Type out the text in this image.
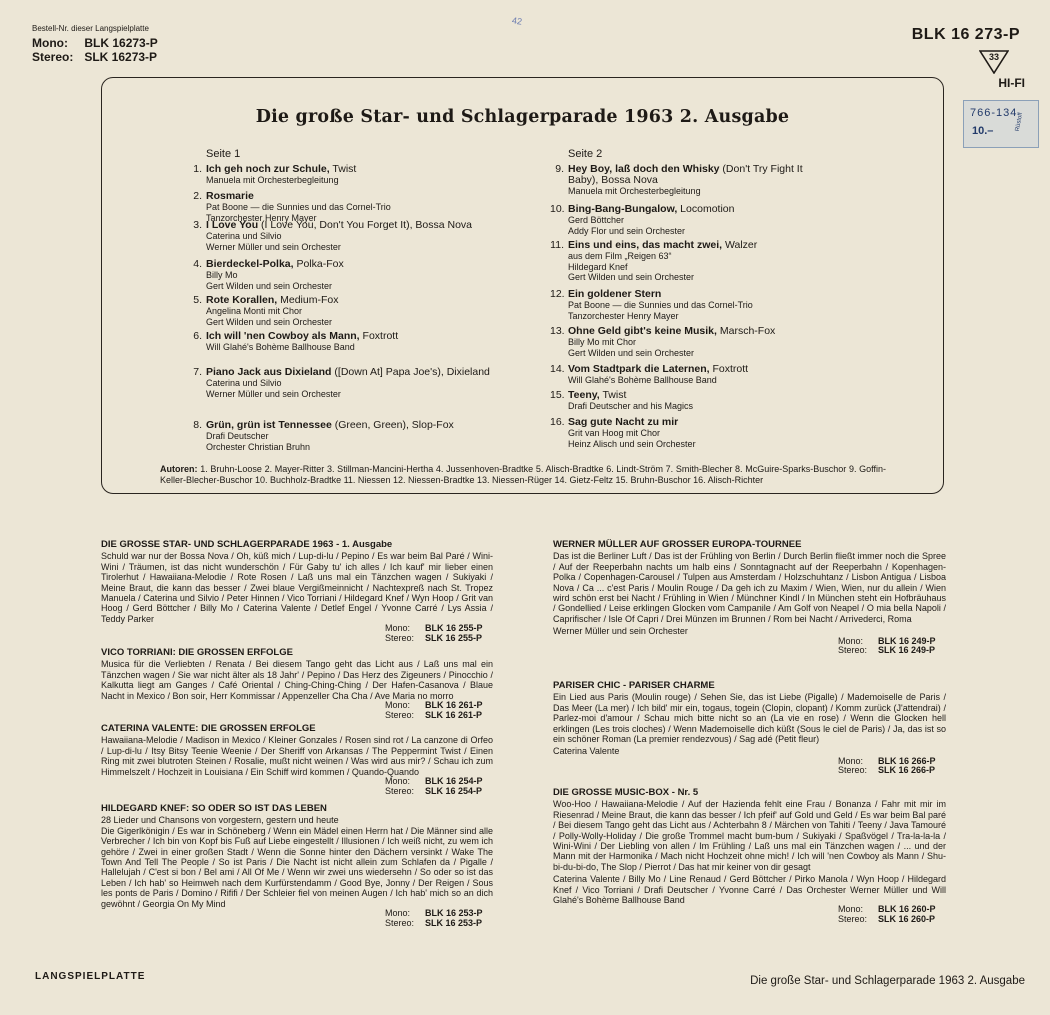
Bestell-Nr. dieser Langspielplatte
Mono: BLK 16273-P
Stereo: SLK 16273-P
42
BLK 16 273-P
33
HI-FI
766-134
10.–	Rüstoff
Die große Star- und Schlagerparade 1963 2. Ausgabe
Seite 1	Seite 2
1. Ich geh noch zur Schule, Twist
Manuela mit Orchesterbegleitung
2. Rosmarie
Pat Boone — die Sunnies und das Cornel-Trio
Tanzorchester Henry Mayer
3. I Love You (I Love You, Don't You Forget It), Bossa Nova
Caterina und Silvio
Werner Müller und sein Orchester
4. Bierdeckel-Polka, Polka-Fox
Billy Mo
Gert Wilden und sein Orchester
5. Rote Korallen, Medium-Fox
Angelina Monti mit Chor
Gert Wilden und sein Orchester
6. Ich will 'nen Cowboy als Mann, Foxtrott
Will Glahé's Bohème Ballhouse Band
7. Piano Jack aus Dixieland ([Down At] Papa Joe's), Dixieland
Caterina und Silvio
Werner Müller und sein Orchester
8. Grün, grün ist Tennessee (Green, Green), Slop-Fox
Drafi Deutscher
Orchester Christian Bruhn
9. Hey Boy, laß doch den Whisky (Don't Try Fight It Baby), Bossa Nova
Manuela mit Orchesterbegleitung
10. Bing-Bang-Bungalow, Locomotion
Gerd Böttcher
Addy Flor und sein Orchester
11. Eins und eins, das macht zwei, Walzer
aus dem Film „Reigen 63“
Hildegard Knef
Gert Wilden und sein Orchester
12. Ein goldener Stern
Pat Boone — die Sunnies und das Cornel-Trio
Tanzorchester Henry Mayer
13. Ohne Geld gibt's keine Musik, Marsch-Fox
Billy Mo mit Chor
Gert Wilden und sein Orchester
14. Vom Stadtpark die Laternen, Foxtrott
Will Glahé's Bohème Ballhouse Band
15. Teeny, Twist
Drafi Deutscher and his Magics
16. Sag gute Nacht zu mir
Grit van Hoog mit Chor
Heinz Alisch und sein Orchester
Autoren: 1. Bruhn-Loose 2. Mayer-Ritter 3. Stillman-Mancini-Hertha 4. Jussenhoven-Bradtke 5. Alisch-Bradtke 6. Lindt-Ström 7. Smith-Blecher 8. McGuire-Sparks-Buschor 9. Goffin-Keller-Blecher-Buschor 10. Buchholz-Bradtke 11. Niessen 12. Niessen-Bradtke 13. Niessen-Rüger 14. Gietz-Feltz 15. Bruhn-Buschor 16. Alisch-Richter
DIE GROSSE STAR- UND SCHLAGERPARADE 1963 - 1. Ausgabe
Schuld war nur der Bossa Nova / Oh, küß mich / Lup-di-lu / Pepino / Es war beim Bal Paré / Wini-Wini / Träumen, ist das nicht wunderschön / Für Gaby tu' ich alles / Ich kauf' mir lieber einen Tirolerhut / Hawaiiana-Melodie / Rote Rosen / Laß uns mal ein Tänzchen wagen / Sukiyaki / Meine Braut, die kann das besser / Zwei blaue Vergißmeinnicht / Nachtexpreß nach St. Tropez Manuela / Caterina und Silvio / Peter Hinnen / Vico Torriani / Hildegard Knef / Wyn Hoop / Grit van Hoog / Gerd Böttcher / Billy Mo / Caterina Valente / Detlef Engel / Yvonne Carré / Lys Assia / Teddy Parker
Mono:	BLK 16 255-P
Stereo:	SLK 16 255-P
VICO TORRIANI: DIE GROSSEN ERFOLGE
Musica für die Verliebten / Renata / Bei diesem Tango geht das Licht aus / Laß uns mal ein Tänzchen wagen / Sie war nicht älter als 18 Jahr' / Pepino / Das Herz des Zigeuners / Pinocchio / Kalkutta liegt am Ganges / Café Oriental / Ching-Ching-Ching / Der Hafen-Casanova / Blaue Nacht in Mexico / Bon soir, Herr Kommissar / Appenzeller Cha Cha / Ave Maria no morro
Mono:	BLK 16 261-P
Stereo:	SLK 16 261-P
CATERINA VALENTE: DIE GROSSEN ERFOLGE
Hawaiiana-Melodie / Madison in Mexico / Kleiner Gonzales / Rosen sind rot / La canzone di Orfeo / Lup-di-lu / Itsy Bitsy Teenie Weenie / Der Sheriff von Arkansas / The Peppermint Twist / Einen Ring mit zwei blutroten Steinen / Rosalie, mußt nicht weinen / Was wird aus mir? / Schau ich zum Himmelszelt / Hochzeit in Louisiana / Ein Schiff wird kommen / Quando-Quando
Mono:	BLK 16 254-P
Stereo:	SLK 16 254-P
HILDEGARD KNEF: SO ODER SO IST DAS LEBEN
28 Lieder und Chansons von vorgestern, gestern und heute
Die Gigerlkönigin / Es war in Schöneberg / Wenn ein Mädel einen Herrn hat / Die Männer sind alle Verbrecher / Ich bin von Kopf bis Fuß auf Liebe eingestellt / Illusionen / Ich weiß nicht, zu wem ich gehöre / Zwei in einer großen Stadt / Wenn die Sonne hinter den Dächern versinkt / Wake The Town And Tell The People / So ist Paris / Die Nacht ist nicht allein zum Schlafen da / Pigalle / Hallelujah / C'est si bon / Bel ami / All Of Me / Wenn wir zwei uns wiedersehn / So oder so ist das Leben / Ich hab' so Heimweh nach dem Kurfürstendamm / Good Bye, Jonny / Der Reigen / Sous les ponts de Paris / Domino / Rififi / Der Schleier fiel von meinen Augen / Ich hab' mich so an dich gewöhnt / Georgia On My Mind
Mono:	BLK 16 253-P
Stereo:	SLK 16 253-P
WERNER MÜLLER AUF GROSSER EUROPA-TOURNEE
Das ist die Berliner Luft / Das ist der Frühling von Berlin / Durch Berlin fließt immer noch die Spree / Auf der Reeperbahn nachts um halb eins / Sonntagnacht auf der Reeperbahn / Kopenhagen-Polka / Copenhagen-Carousel / Tulpen aus Amsterdam / Holzschuhtanz / Lisbon Antigua / Lisboa Nova / Ca ... c'est Paris / Moulin Rouge / Da geh ich zu Maxim / Wien, Wien, nur du allein / Wien wird schön erst bei Nacht / Frühling in Wien / Münchner Kindl / In München steht ein Hofbräuhaus / Gondellied / Leise erklingen Glocken vom Campanile / Am Golf von Neapel / O mia bella Napoli / Caprifischer / Isle Of Capri / Drei Münzen im Brunnen / Rom bei Nacht / Arrivederci, Roma
Werner Müller und sein Orchester
Mono:	BLK 16 249-P
Stereo:	SLK 16 249-P
PARISER CHIC - PARISER CHARME
Ein Lied aus Paris (Moulin rouge) / Sehen Sie, das ist Liebe (Pigalle) / Mademoiselle de Paris / Das Meer (La mer) / Ich bild' mir ein, togaus, togein (Clopin, clopant) / Komm zurück (J'attendrai) / Parlez-moi d'amour / Schau mich bitte nicht so an (La vie en rose) / Wenn die Glocken hell erklingen (Les trois cloches) / Wenn Mademoiselle dich küßt (Sous le ciel de Paris) / Ja, das ist so ein schöner Roman (La premier rendezvous) / Sag adé (Petit fleur)
Caterina Valente
Mono:	BLK 16 266-P
Stereo:	SLK 16 266-P
DIE GROSSE MUSIC-BOX - Nr. 5
Woo-Hoo / Hawaiiana-Melodie / Auf der Hazienda fehlt eine Frau / Bonanza / Fahr mit mir im Riesenrad / Meine Braut, die kann das besser / Ich pfeif' auf Gold und Geld / Es war beim Bal paré / Bei diesem Tango geht das Licht aus / Achterbahn 8 / Märchen von Tahiti / Teeny / Java Tamouré / Polly-Wolly-Holiday / Die große Trommel macht bum-bum / Sukiyaki / Spaßvögel / Tra-la-la-la / Wini-Wini / Der Liebling von allen / Im Frühling / Laß uns mal ein Tänzchen wagen / ... und der Mann mit der Harmonika / Mach nicht Hochzeit ohne mich! / Ich will 'nen Cowboy als Mann / Shu-bi-du-bi-do, The Slop / Pierrot / Das hat mir keiner von dir gesagt
Caterina Valente / Billy Mo / Line Renaud / Gerd Böttcher / Pirko Manola / Wyn Hoop / Hildegard Knef / Vico Torriani / Drafi Deutscher / Yvonne Carré / Das Orchester Werner Müller und Will Glahé's Bohème Ballhouse Band
Mono:	BLK 16 260-P
Stereo:	SLK 16 260-P
LANGSPIELPLATTE	Die große Star- und Schlagerparade 1963 2. Ausgabe
